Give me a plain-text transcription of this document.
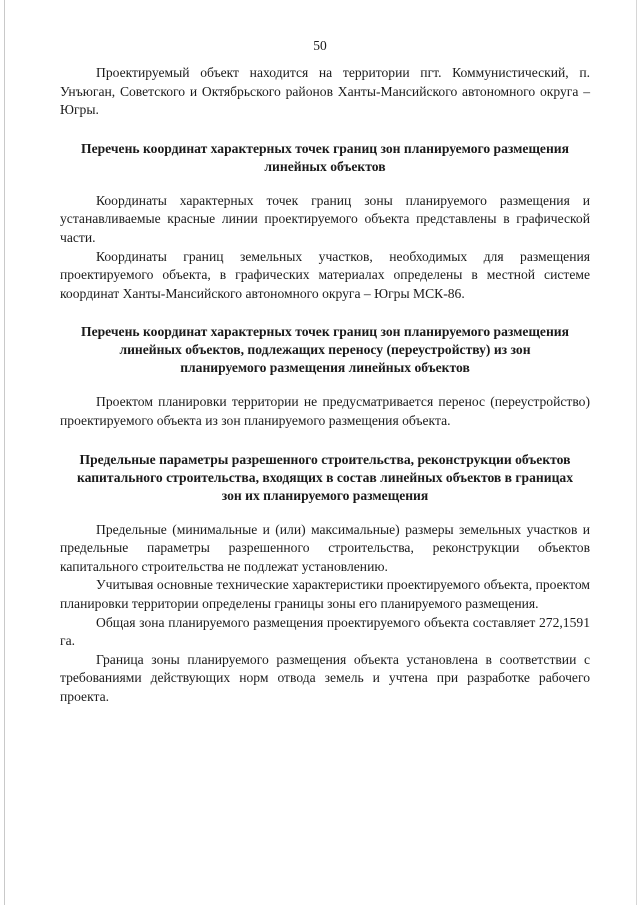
50

Проектируемый объект находится на территории пгт. Коммунистический, п. Унъюган, Советского и Октябрьского районов Ханты-Мансийского автономного округа – Югры.

Перечень координат характерных точек границ зон планируемого размещения линейных объектов

Координаты характерных точек границ зоны планируемого размещения и устанавливаемые красные линии проектируемого объекта представлены в графической части.

Координаты границ земельных участков, необходимых для размещения проектируемого объекта, в графических материалах определены в местной системе координат Ханты-Мансийского автономного округа – Югры МСК-86.

Перечень координат характерных точек границ зон планируемого размещения линейных объектов, подлежащих переносу (переустройству) из зон планируемого размещения линейных объектов

Проектом планировки территории не предусматривается перенос (переустройство) проектируемого объекта из зон планируемого размещения объекта.

Предельные параметры разрешенного строительства, реконструкции объектов капитального строительства, входящих в состав линейных объектов в границах зон их планируемого размещения

Предельные (минимальные и (или) максимальные) размеры земельных участков и предельные параметры разрешенного строительства, реконструкции объектов капитального строительства не подлежат установлению.

Учитывая основные технические характеристики проектируемого объекта, проектом планировки территории определены границы зоны его планируемого размещения.

Общая зона планируемого размещения проектируемого объекта составляет 272,1591 га.

Граница зоны планируемого размещения объекта установлена в соответствии с требованиями действующих норм отвода земель и учтена при разработке рабочего проекта.
